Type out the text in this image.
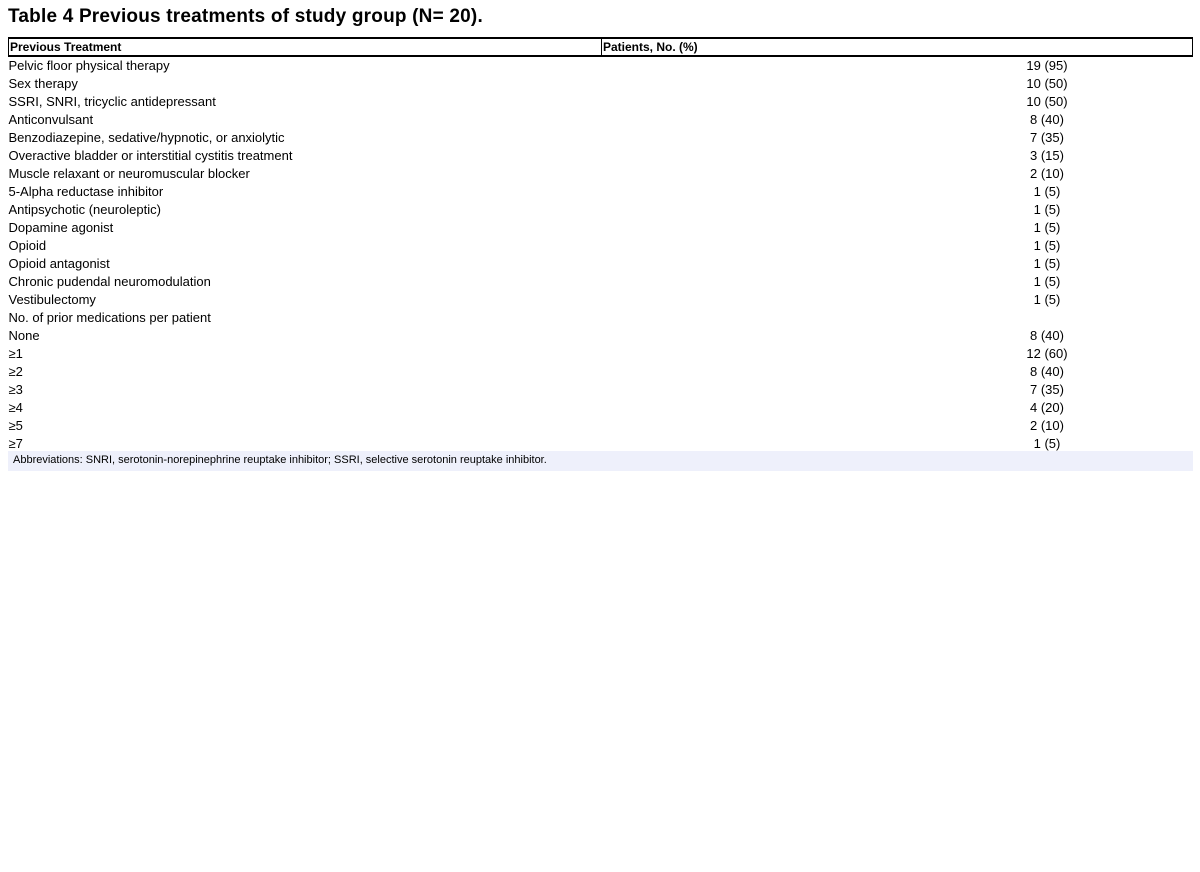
Table 4 Previous treatments of study group (N= 20).
Previous Treatment	Patients, No. (%)
Pelvic floor physical therapy	19 (95)
Sex therapy	10 (50)
SSRI, SNRI, tricyclic antidepressant	10 (50)
Anticonvulsant	8 (40)
Benzodiazepine, sedative/hypnotic, or anxiolytic	7 (35)
Overactive bladder or interstitial cystitis treatment	3 (15)
Muscle relaxant or neuromuscular blocker	2 (10)
5-Alpha reductase inhibitor	1 (5)
Antipsychotic (neuroleptic)	1 (5)
Dopamine agonist	1 (5)
Opioid	1 (5)
Opioid antagonist	1 (5)
Chronic pudendal neuromodulation	1 (5)
Vestibulectomy	1 (5)
No. of prior medications per patient	
None	8 (40)
≥1	12 (60)
≥2	8 (40)
≥3	7 (35)
≥4	4 (20)
≥5	2 (10)
≥7	1 (5)
Abbreviations: SNRI, serotonin-norepinephrine reuptake inhibitor; SSRI, selective serotonin reuptake inhibitor.
